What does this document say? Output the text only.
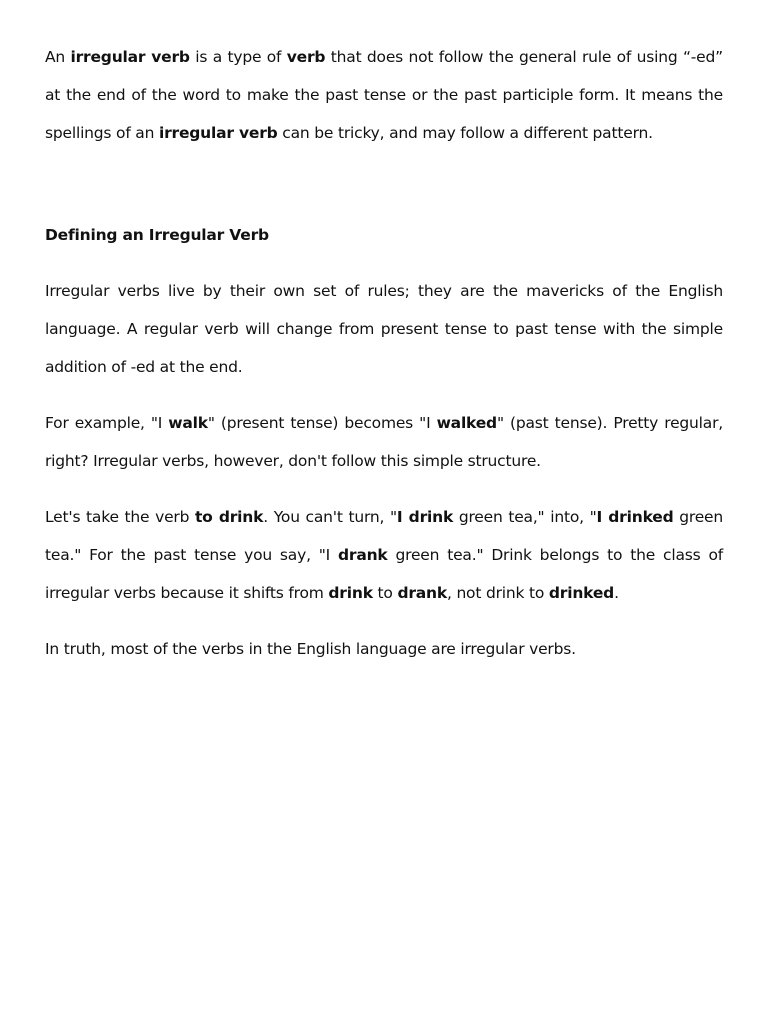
An irregular verb is a type of verb that does not follow the general rule of using “-ed” at the end of the word to make the past tense or the past participle form. It means the spellings of an irregular verb can be tricky, and may follow a different pattern.

Defining an Irregular Verb

Irregular verbs live by their own set of rules; they are the mavericks of the English language. A regular verb will change from present tense to past tense with the simple addition of -ed at the end.

For example, "I walk" (present tense) becomes "I walked" (past tense). Pretty regular, right? Irregular verbs, however, don't follow this simple structure.

Let's take the verb to drink. You can't turn, "I drink green tea," into, "I drinked green tea." For the past tense you say, "I drank green tea." Drink belongs to the class of irregular verbs because it shifts from drink to drank, not drink to drinked.

In truth, most of the verbs in the English language are irregular verbs.
